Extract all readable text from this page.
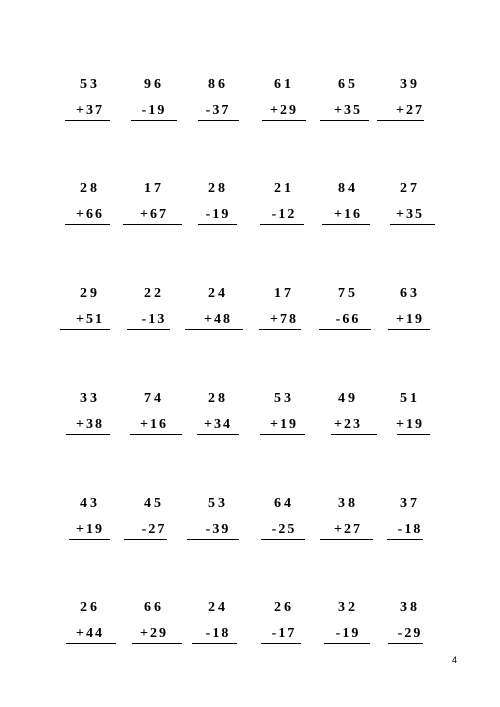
53
+37
96
-19
86
-37
61
+29
65
+35
39
+27
28
+66
17
+67
28
-19
21
-12
84
+16
27
+35
29
+51
22
-13
24
+48
17
+78
75
-66
63
+19
33
+38
74
+16
28
+34
53
+19
49
+23
51
+19
43
+19
45
-27
53
-39
64
-25
38
+27
37
-18
26
+44
66
+29
24
-18
26
-17
32
-19
38
-29
4
